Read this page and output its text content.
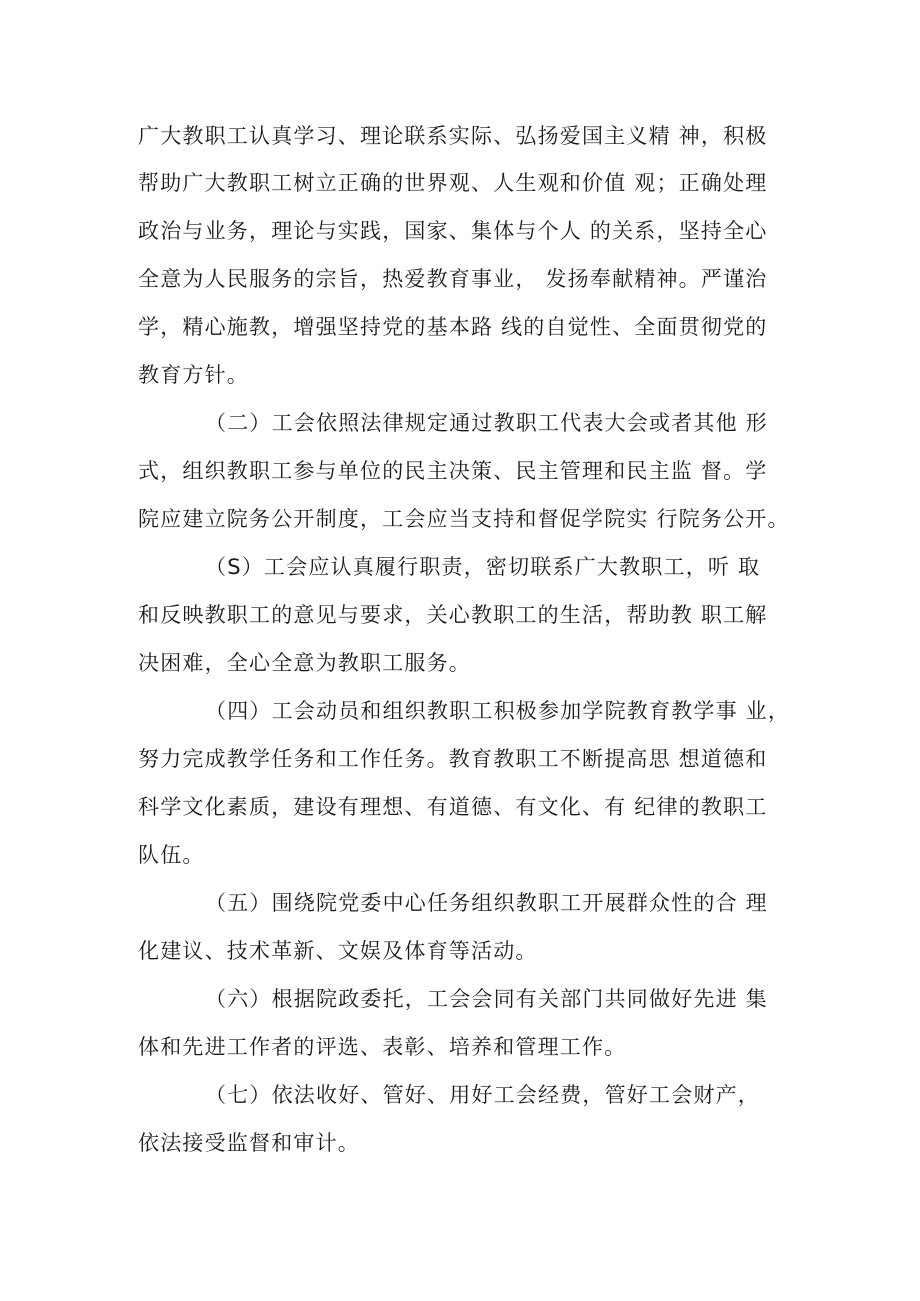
广大教职工认真学习、理论联系实际、弘扬爱国主义精 神，积极
帮助广大教职工树立正确的世界观、人生观和价值 观；正确处理
政治与业务，理论与实践，国家、集体与个人 的关系，坚持全心
全意为人民服务的宗旨，热爱教育事业， 发扬奉献精神。严谨治
学，精心施教，增强坚持党的基本路 线的自觉性、全面贯彻党的
教育方针。
（二）工会依照法律规定通过教职工代表大会或者其他 形
式，组织教职工参与单位的民主决策、民主管理和民主监 督。学
院应建立院务公开制度，工会应当支持和督促学院实 行院务公开。
（S）工会应认真履行职责，密切联系广大教职工，听 取
和反映教职工的意见与要求，关心教职工的生活，帮助教 职工解
决困难，全心全意为教职工服务。
（四）工会动员和组织教职工积极参加学院教育教学事 业，
努力完成教学任务和工作任务。教育教职工不断提高思 想道德和
科学文化素质，建设有理想、有道德、有文化、有 纪律的教职工
队伍。
（五）围绕院党委中心任务组织教职工开展群众性的合 理
化建议、技术革新、文娱及体育等活动。
（六）根据院政委托，工会会同有关部门共同做好先进 集
体和先进工作者的评选、表彰、培养和管理工作。
（七）依法收好、管好、用好工会经费，管好工会财产，
依法接受监督和审计。
